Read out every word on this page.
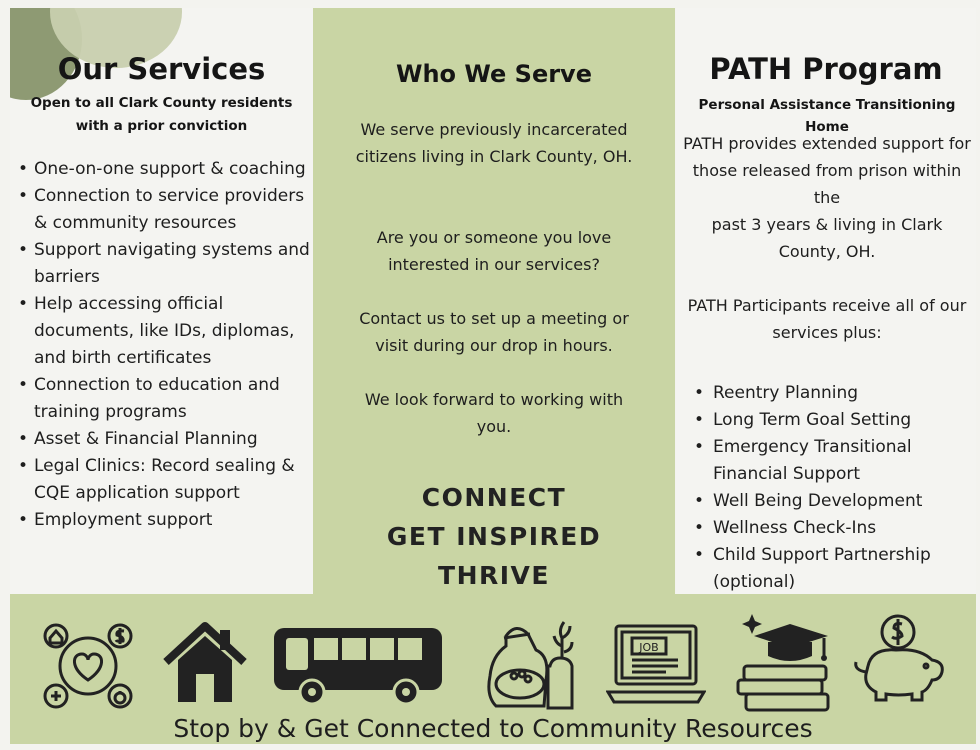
Our Services
Open to all Clark County residents
with a prior conviction
• One-on-one support & coaching
• Connection to service providers & community resources
• Support navigating systems and barriers
• Help accessing official documents, like IDs, diplomas, and birth certificates
• Connection to education and training programs
• Asset & Financial Planning
• Legal Clinics: Record sealing & CQE application support
• Employment support
Who We Serve
We serve previously incarcerated citizens living in Clark County, OH.
Are you or someone you love interested in our services?
Contact us to set up a meeting or visit during our drop in hours.
We look forward to working with you.
CONNECT
GET INSPIRED
THRIVE
PATH Program
Personal Assistance Transitioning Home
PATH provides extended support for those released from prison within the
past 3 years & living in Clark County, OH.
PATH Participants receive all of our services plus:
• Reentry Planning
• Long Term Goal Setting
• Emergency Transitional Financial Support
• Well Being Development
• Wellness Check-Ins
• Child Support Partnership (optional)
JOB
Stop by & Get Connected to Community Resources
